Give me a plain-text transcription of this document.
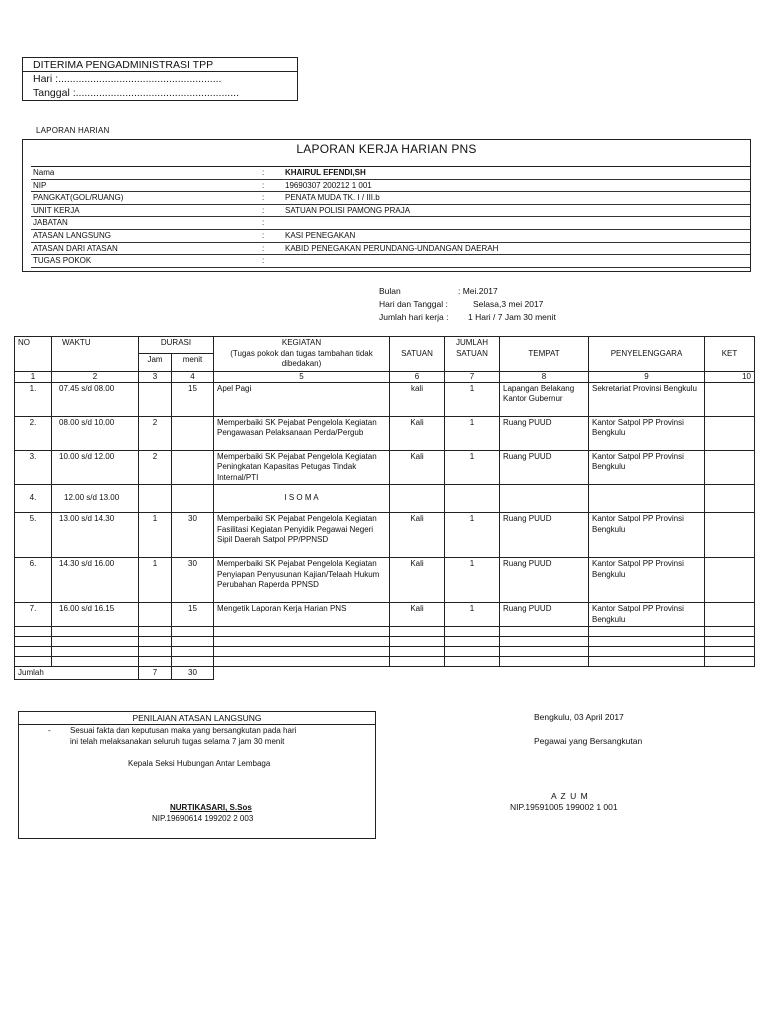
DITERIMA PENGADMINISTRASI TPP
Hari :........................................................
Tanggal :........................................................
LAPORAN HARIAN
LAPORAN KERJA HARIAN PNS
Nama	:	KHAIRUL EFENDI,SH
NIP	:	19690307 200212 1 001
PANGKAT(GOL/RUANG)	:	PENATA MUDA TK. I / III.b
UNIT KERJA	:	SATUAN POLISI PAMONG PRAJA
JABATAN	:
ATASAN LANGSUNG	:	KASI PENEGAKAN
ATASAN DARI ATASAN	:	KABID PENEGAKAN PERUNDANG-UNDANGAN DAERAH
TUGAS POKOK	:
Bulan	: Mei.2017
Hari dan Tanggal :	Selasa,3 mei 2017
Jumlah hari kerja : 1 Hari / 7 Jam 30 menit
NO	WAKTU	DURASI		KEGIATAN
(Tugas pokok dan tugas tambahan tidak dibedakan)	SATUAN	JUMLAH SATUAN	TEMPAT	PENYELENGGARA	KET
		Jam	menit						
1	2	3	4	5	6	7	8	9	10
1.	07.45 s/d 08.00		15	Apel Pagi	kali	1	Lapangan Belakang Kantor Gubernur	Sekretariat Provinsi Bengkulu	
2.	08.00 s/d 10.00	2		Memperbaiki SK Pejabat Pengelola Kegiatan Pengawasan Pelaksanaan Perda/Pergub	Kali	1	Ruang PUUD	Kantor Satpol PP Provinsi Bengkulu	
3.	10.00 s/d 12.00	2		Memperbaiki SK Pejabat Pengelola Kegiatan Peningkatan Kapasitas Petugas Tindak Internal/PTI	Kali	1	Ruang PUUD	Kantor Satpol PP Provinsi Bengkulu	
4.	12.00 s/d 13.00			I S O M A					
5.	13.00 s/d 14.30	1	30	Memperbaiki SK Pejabat Pengelola Kegiatan Fasilitasi Kegiatan Penyidik Pegawai Negeri Sipil Daerah Satpol PP/PPNSD	Kali	1	Ruang PUUD	Kantor Satpol PP Provinsi Bengkulu	
6.	14.30 s/d 16.00	1	30	Memperbaiki SK Pejabat Pengelola Kegiatan Penyiapan Penyusunan Kajian/Telaah Hukum Perubahan Raperda PPNSD	Kali	1	Ruang PUUD	Kantor Satpol PP Provinsi Bengkulu	
7.	16.00 s/d 16.15		15	Mengetik Laporan Kerja Harian PNS	Kali	1	Ruang PUUD	Kantor Satpol PP Provinsi Bengkulu	

Jumlah		7	30						
PENILAIAN ATASAN LANGSUNG
- Sesuai fakta dan keputusan maka yang bersangkutan pada hari
ini telah melaksanakan seluruh tugas selama 7 jam 30 menit
Kepala Seksi Hubungan Antar Lembaga
NURTIKASARI, S.Sos
NIP.19690614 199202 2 003
Bengkulu, 03 April 2017
Pegawai yang Bersangkutan
A Z U M
NIP.19591005 199002 1 001
